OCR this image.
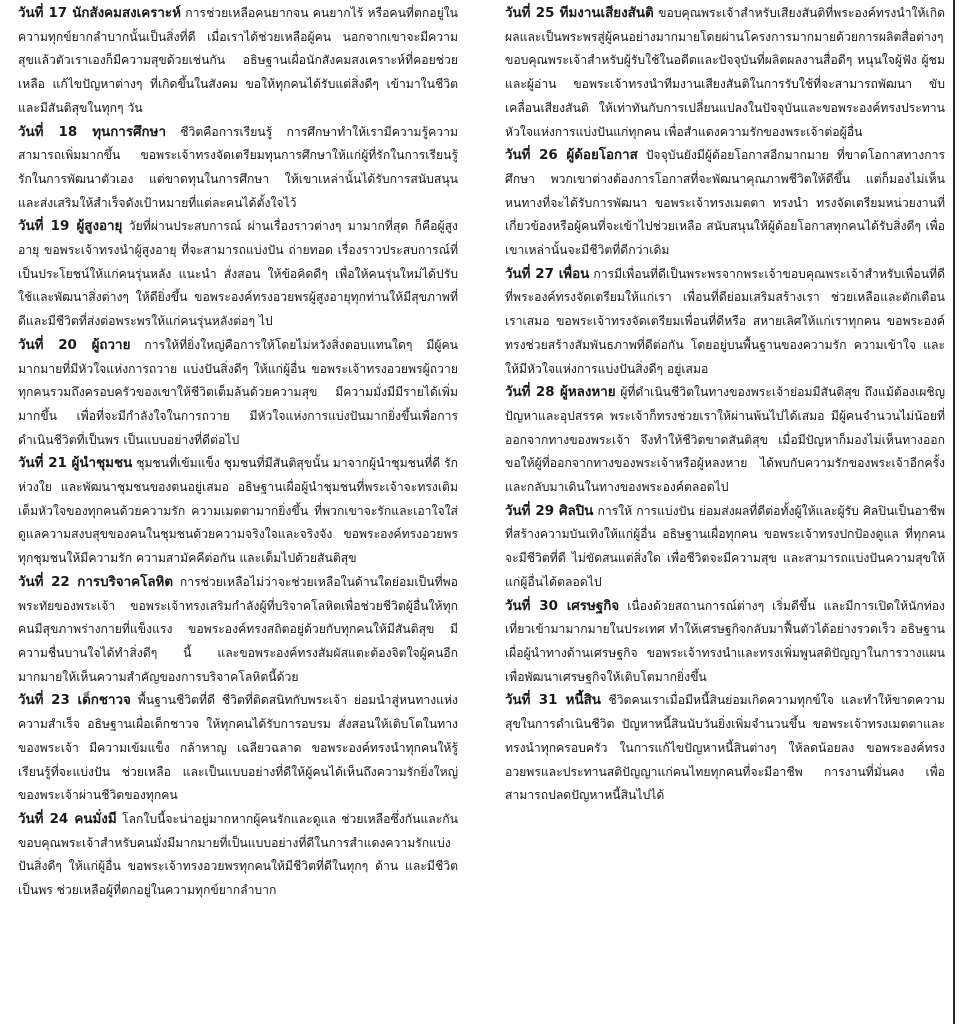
วันที่ 17 นักสังคมสงเคราะห์ การช่วยเหลือคนยากจน คนยากไร้ หรือคนที่ตกอยู่ในความทุกข์ยากลำบากนั้นเป็นสิ่งที่ดี เมื่อเราได้ช่วยเหลือผู้คน นอกจากเขาจะมีความสุขแล้วตัวเราเองก็มีความสุขด้วยเช่นกัน อธิษฐานเผื่อนักสังคมสงเคราะห์ที่คอยช่วยเหลือ แก้ไขปัญหาต่างๆ ที่เกิดขึ้นในสังคม ขอให้ทุกคนได้รับแต่สิ่งดีๆ เข้ามาในชีวิต และมีสันติสุขในทุกๆ วัน

วันที่ 18 ทุนการศึกษา ชีวิตคือการเรียนรู้ การศึกษาทำให้เรามีความรู้ความสามารถเพิ่มมากขึ้น ขอพระเจ้าทรงจัดเตรียมทุนการศึกษาให้แก่ผู้ที่รักในการเรียนรู้ รักในการพัฒนาตัวเอง แต่ขาดทุนในการศึกษา ให้เขาเหล่านั้นได้รับการสนับสนุน และส่งเสริมให้สำเร็จดังเป้าหมายที่แต่ละคนได้ตั้งใจไว้

วันที่ 19 ผู้สูงอายุ วัยที่ผ่านประสบการณ์ ผ่านเรื่องราวต่างๆ มามากที่สุด ก็คือผู้สูงอายุ ขอพระเจ้าทรงนำผู้สูงอายุ ที่จะสามารถแบ่งปัน ถ่ายทอด เรื่องราวประสบการณ์ที่เป็นประโยชน์ให้แก่คนรุ่นหลัง แนะนำ สั่งสอน ให้ข้อคิดดีๆ เพื่อให้คนรุ่นใหม่ได้ปรับใช้และพัฒนาสิ่งต่างๆ ให้ดียิ่งขึ้น ขอพระองค์ทรงอวยพรผู้สูงอายุทุกท่านให้มีสุขภาพที่ดีและมีชีวิตที่ส่งต่อพระพรให้แก่คนรุ่นหลังต่อๆ ไป

วันที่ 20 ผู้ถวาย การให้ที่ยิ่งใหญ่คือการให้โดยไม่หวังสิ่งตอบแทนใดๆ มีผู้คนมากมายที่มีหัวใจแห่งการถวาย แบ่งปันสิ่งดีๆ ให้แก่ผู้อื่น ขอพระเจ้าทรงอวยพรผู้ถวายทุกคนรวมถึงครอบครัวของเขาให้ชีวิตเต็มล้นด้วยความสุข มีความมั่งมีมีรายได้เพิ่มมากขึ้น เพื่อที่จะมีกำลังใจในการถวาย มีหัวใจแห่งการแบ่งปันมากยิ่งขึ้นเพื่อการดำเนินชีวิตที่เป็นพร เป็นแบบอย่างที่ดีต่อไป

วันที่ 21 ผู้นำชุมชน ชุมชนที่เข้มแข็ง ชุมชนที่มีสันติสุขนั้น มาจากผู้นำชุมชนที่ดี รัก ห่วงใย และพัฒนาชุมชนของตนอยู่เสมอ อธิษฐานเผื่อผู้นำชุมชนที่พระเจ้าจะทรงเติมเต็มหัวใจของทุกคนด้วยความรัก ความเมตตามากยิ่งขึ้น ที่พวกเขาจะรักและเอาใจใส่ดูแลความสงบสุขของคนในชุมชนด้วยความจริงใจและจริงจัง ขอพระองค์ทรงอวยพรทุกชุมชนให้มีความรัก ความสามัคคีต่อกัน และเต็มไปด้วยสันติสุข

วันที่ 22 การบริจาคโลหิต การช่วยเหลือไม่ว่าจะช่วยเหลือในด้านใดย่อมเป็นที่พอพระทัยของพระเจ้า ขอพระเจ้าทรงเสริมกำลังผู้ที่บริจาคโลหิตเพื่อช่วยชีวิตผู้อื่นให้ทุกคนมีสุขภาพร่างกายที่แข็งแรง ขอพระองค์ทรงสถิตอยู่ด้วยกับทุกคนให้มีสันติสุข มีความชื่นบานใจได้ทำสิ่งดีๆ นี้ และขอพระองค์ทรงสัมผัสแตะต้องจิตใจผู้คนอีกมากมายให้เห็นความสำคัญของการบริจาคโลหิตนี้ด้วย

วันที่ 23 เด็กชาวจ พื้นฐานชีวิตที่ดี ชีวิตที่ติดสนิทกับพระเจ้า ย่อมนำสู่หนทางแห่งความสำเร็จ อธิษฐานเผื่อเด็กชาวจ ให้ทุกคนได้รับการอบรม สั่งสอนให้เติบโตในทางของพระเจ้า มีความเข้มแข็ง กล้าหาญ เฉลียวฉลาด ขอพระองค์ทรงนำทุกคนให้รู้เรียนรู้ที่จะแบ่งปัน ช่วยเหลือ และเป็นแบบอย่างที่ดีให้ผู้คนได้เห็นถึงความรักยิ่งใหญ่ของพระเจ้าผ่านชีวิตของทุกคน

วันที่ 24 คนมั่งมี โลกใบนี้จะน่าอยู่มากหากผู้คนรักและดูแล ช่วยเหลือซึ่งกันและกัน ขอบคุณพระเจ้าสำหรับคนมั่งมีมากมายที่เป็นแบบอย่างที่ดีในการสำแดงความรักแบ่งปันสิ่งดีๆ ให้แก่ผู้อื่น ขอพระเจ้าทรงอวยพรทุกคนให้มีชีวิตที่ดีในทุกๆ ด้าน และมีชีวิตเป็นพร ช่วยเหลือผู้ที่ตกอยู่ในความทุกข์ยากลำบาก

วันที่ 25 ทีมงานเสียงสันติ ขอบคุณพระเจ้าสำหรับเสียงสันติที่พระองค์ทรงนำให้เกิดผลและเป็นพระพรสู่ผู้คนอย่างมากมายโดยผ่านโครงการมากมายด้วยการผลิตสื่อต่างๆ ขอบคุณพระเจ้าสำหรับผู้รับใช้ในอดีตและปัจจุบันที่ผลิตผลงานสื่อดีๆ หนุนใจผู้ฟัง ผู้ชม และผู้อ่าน ขอพระเจ้าทรงนำทีมงานเสียงสันติในการรับใช้ที่จะสามารถพัฒนา ขับเคลื่อนเสียงสันติ ให้เท่าทันกับการเปลี่ยนแปลงในปัจจุบันและขอพระองค์ทรงประทานหัวใจแห่งการแบ่งปันแก่ทุกคน เพื่อสำแดงความรักของพระเจ้าต่อผู้อื่น

วันที่ 26 ผู้ด้อยโอกาส ปัจจุบันยังมีผู้ด้อยโอกาสอีกมากมาย ที่ขาดโอกาสทางการศึกษา พวกเขาต่างต้องการโอกาสที่จะพัฒนาคุณภาพชีวิตให้ดีขึ้น แต่ก็มองไม่เห็นหนทางที่จะได้รับการพัฒนา ขอพระเจ้าทรงเมตตา ทรงนำ ทรงจัดเตรียมหน่วยงานที่เกี่ยวข้องหรือผู้คนที่จะเข้าไปช่วยเหลือ สนับสนุนให้ผู้ด้อยโอกาสทุกคนได้รับสิ่งดีๆ เพื่อเขาเหล่านั้นจะมีชีวิตที่ดีกว่าเดิม

วันที่ 27 เพื่อน การมีเพื่อนที่ดีเป็นพระพรจากพระเจ้าขอบคุณพระเจ้าสำหรับเพื่อนที่ดีที่พระองค์ทรงจัดเตรียมให้แก่เรา เพื่อนที่ดีย่อมเสริมสร้างเรา ช่วยเหลือและตักเตือนเราเสมอ ขอพระเจ้าทรงจัดเตรียมเพื่อนที่ดีหรือ สหายเลิศให้แก่เราทุกคน ขอพระองค์ทรงช่วยสร้างสัมพันธภาพที่ดีต่อกัน โดยอยู่บนพื้นฐานของความรัก ความเข้าใจ และให้มีหัวใจแห่งการแบ่งปันสิ่งดีๆ อยู่เสมอ

วันที่ 28 ผู้หลงหาย ผู้ที่ดำเนินชีวิตในทางของพระเจ้าย่อมมีสันติสุข ถึงแม้ต้องเผชิญปัญหาและอุปสรรค พระเจ้าก็ทรงช่วยเราให้ผ่านพ้นไปได้เสมอ มีผู้คนจำนวนไม่น้อยที่ออกจากทางของพระเจ้า จึงทำให้ชีวิตขาดสันติสุข เมื่อมีปัญหาก็มองไม่เห็นทางออก ขอให้ผู้ที่ออกจากทางของพระเจ้าหรือผู้หลงหาย ได้พบกับความรักของพระเจ้าอีกครั้ง และกลับมาเดินในทางของพระองค์ตลอดไป

วันที่ 29 ศิลปิน การให้ การแบ่งปัน ย่อมส่งผลที่ดีต่อทั้งผู้ให้และผู้รับ ศิลปินเป็นอาชีพที่สร้างความบันเทิงให้แก่ผู้อื่น อธิษฐานเผื่อทุกคน ขอพระเจ้าทรงปกป้องดูแล ที่ทุกคนจะมีชีวิตที่ดี ไม่ขัดสนแต่สิ่งใด เพื่อชีวิตจะมีความสุข และสามารถแบ่งปันความสุขให้แก่ผู้อื่นได้ตลอดไป

วันที่ 30 เศรษฐกิจ เนื่องด้วยสถานการณ์ต่างๆ เริ่มดีขึ้น และมีการเปิดให้นักท่องเที่ยวเข้ามามากมายในประเทศ ทำให้เศรษฐกิจกลับมาฟื้นตัวได้อย่างรวดเร็ว อธิษฐานเผื่อผู้นำทางด้านเศรษฐกิจ ขอพระเจ้าทรงนำและทรงเพิ่มพูนสติปัญญาในการวางแผนเพื่อพัฒนาเศรษฐกิจให้เติบโตมากยิ่งขึ้น

วันที่ 31 หนี้สิน ชีวิตคนเราเมื่อมีหนี้สินย่อมเกิดความทุกข์ใจ และทำให้ขาดความสุขในการดำเนินชีวิต ปัญหาหนี้สินนับวันยิ่งเพิ่มจำนวนขึ้น ขอพระเจ้าทรงเมตตาและทรงนำทุกครอบครัว ในการแก้ไขปัญหาหนี้สินต่างๆ ให้ลดน้อยลง ขอพระองค์ทรงอวยพรและประทานสติปัญญาแก่คนไทยทุกคนที่จะมีอาชีพ การงานที่มั่นคง เพื่อสามารถปลดปัญหาหนี้สินไปได้
